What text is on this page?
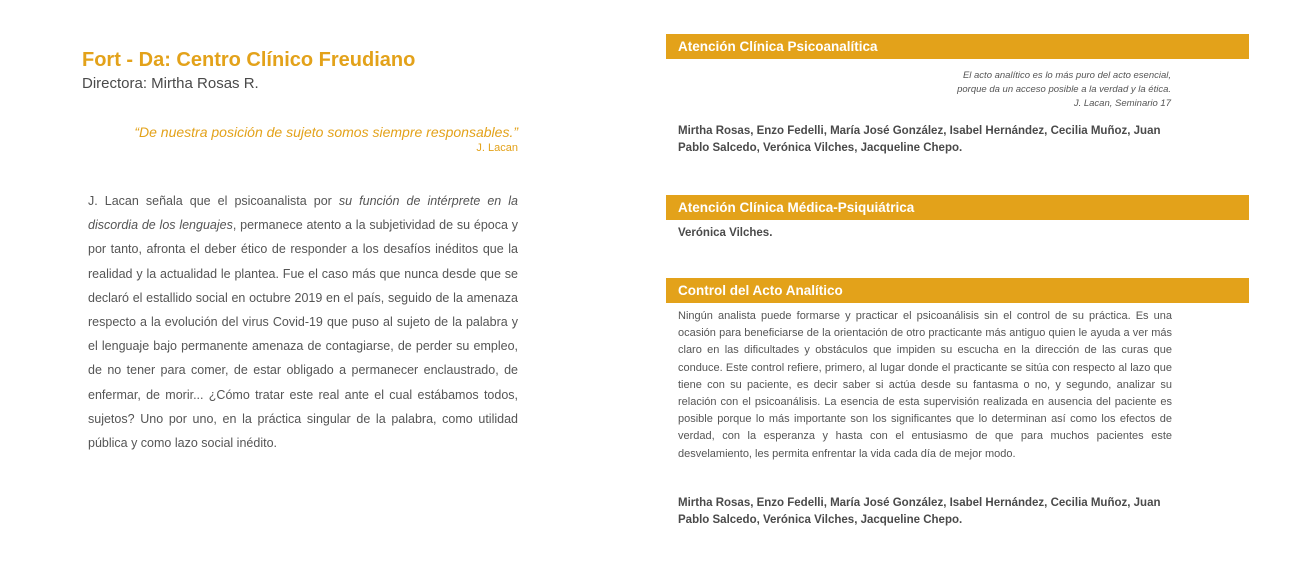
Fort - Da: Centro Clínico Freudiano
Directora: Mirtha Rosas R.
“De nuestra posición de sujeto somos siempre responsables.”
J. Lacan
J. Lacan señala que el psicoanalista por su función de intérprete en la discordia de los lenguajes, permanece atento a la subjetividad de su época y por tanto, afronta el deber ético de responder a los desafíos inéditos que la realidad y la actualidad le plantea. Fue el caso más que nunca desde que se declaró el estallido social en octubre 2019 en el país, seguido de la amenaza respecto a la evolución del virus Covid-19 que puso al sujeto de la palabra y el lenguaje bajo permanente amenaza de contagiarse, de perder su empleo, de no tener para comer, de estar obligado a permanecer enclaustrado, de enfermar, de morir... ¿Cómo tratar este real ante el cual estábamos todos, sujetos? Uno por uno, en la práctica singular de la palabra, como utilidad pública y como lazo social inédito.
Atención Clínica Psicoanalítica
El acto analítico es lo más puro del acto esencial,
porque da un acceso posible a la verdad y la ética.
J. Lacan, Seminario 17
Mirtha Rosas, Enzo Fedelli, María José González, Isabel Hernández, Cecilia Muñoz, Juan Pablo Salcedo, Verónica Vilches, Jacqueline Chepo.
Atención Clínica Médica-Psiquiátrica
Verónica Vilches.
Control del Acto Analítico
Ningún analista puede formarse y practicar el psicoanálisis sin el control de su práctica. Es una ocasión para beneficiarse de la orientación de otro practicante más antiguo quien le ayuda a ver más claro en las dificultades y obstáculos que impiden su escucha en la dirección de las curas que conduce. Este control refiere, primero, al lugar donde el practicante se sitúa con respecto al lazo que tiene con su paciente, es decir saber si actúa desde su fantasma o no, y segundo, analizar su relación con el psicoanálisis. La esencia de esta supervisión realizada en ausencia del paciente es posible porque lo más importante son los significantes que lo determinan así como los efectos de verdad, con la esperanza y hasta con el entusiasmo de que para muchos pacientes este desvelamiento, les permita enfrentar la vida cada día de mejor modo.
Mirtha Rosas, Enzo Fedelli, María José González, Isabel Hernández, Cecilia Muñoz, Juan Pablo Salcedo, Verónica Vilches, Jacqueline Chepo.
